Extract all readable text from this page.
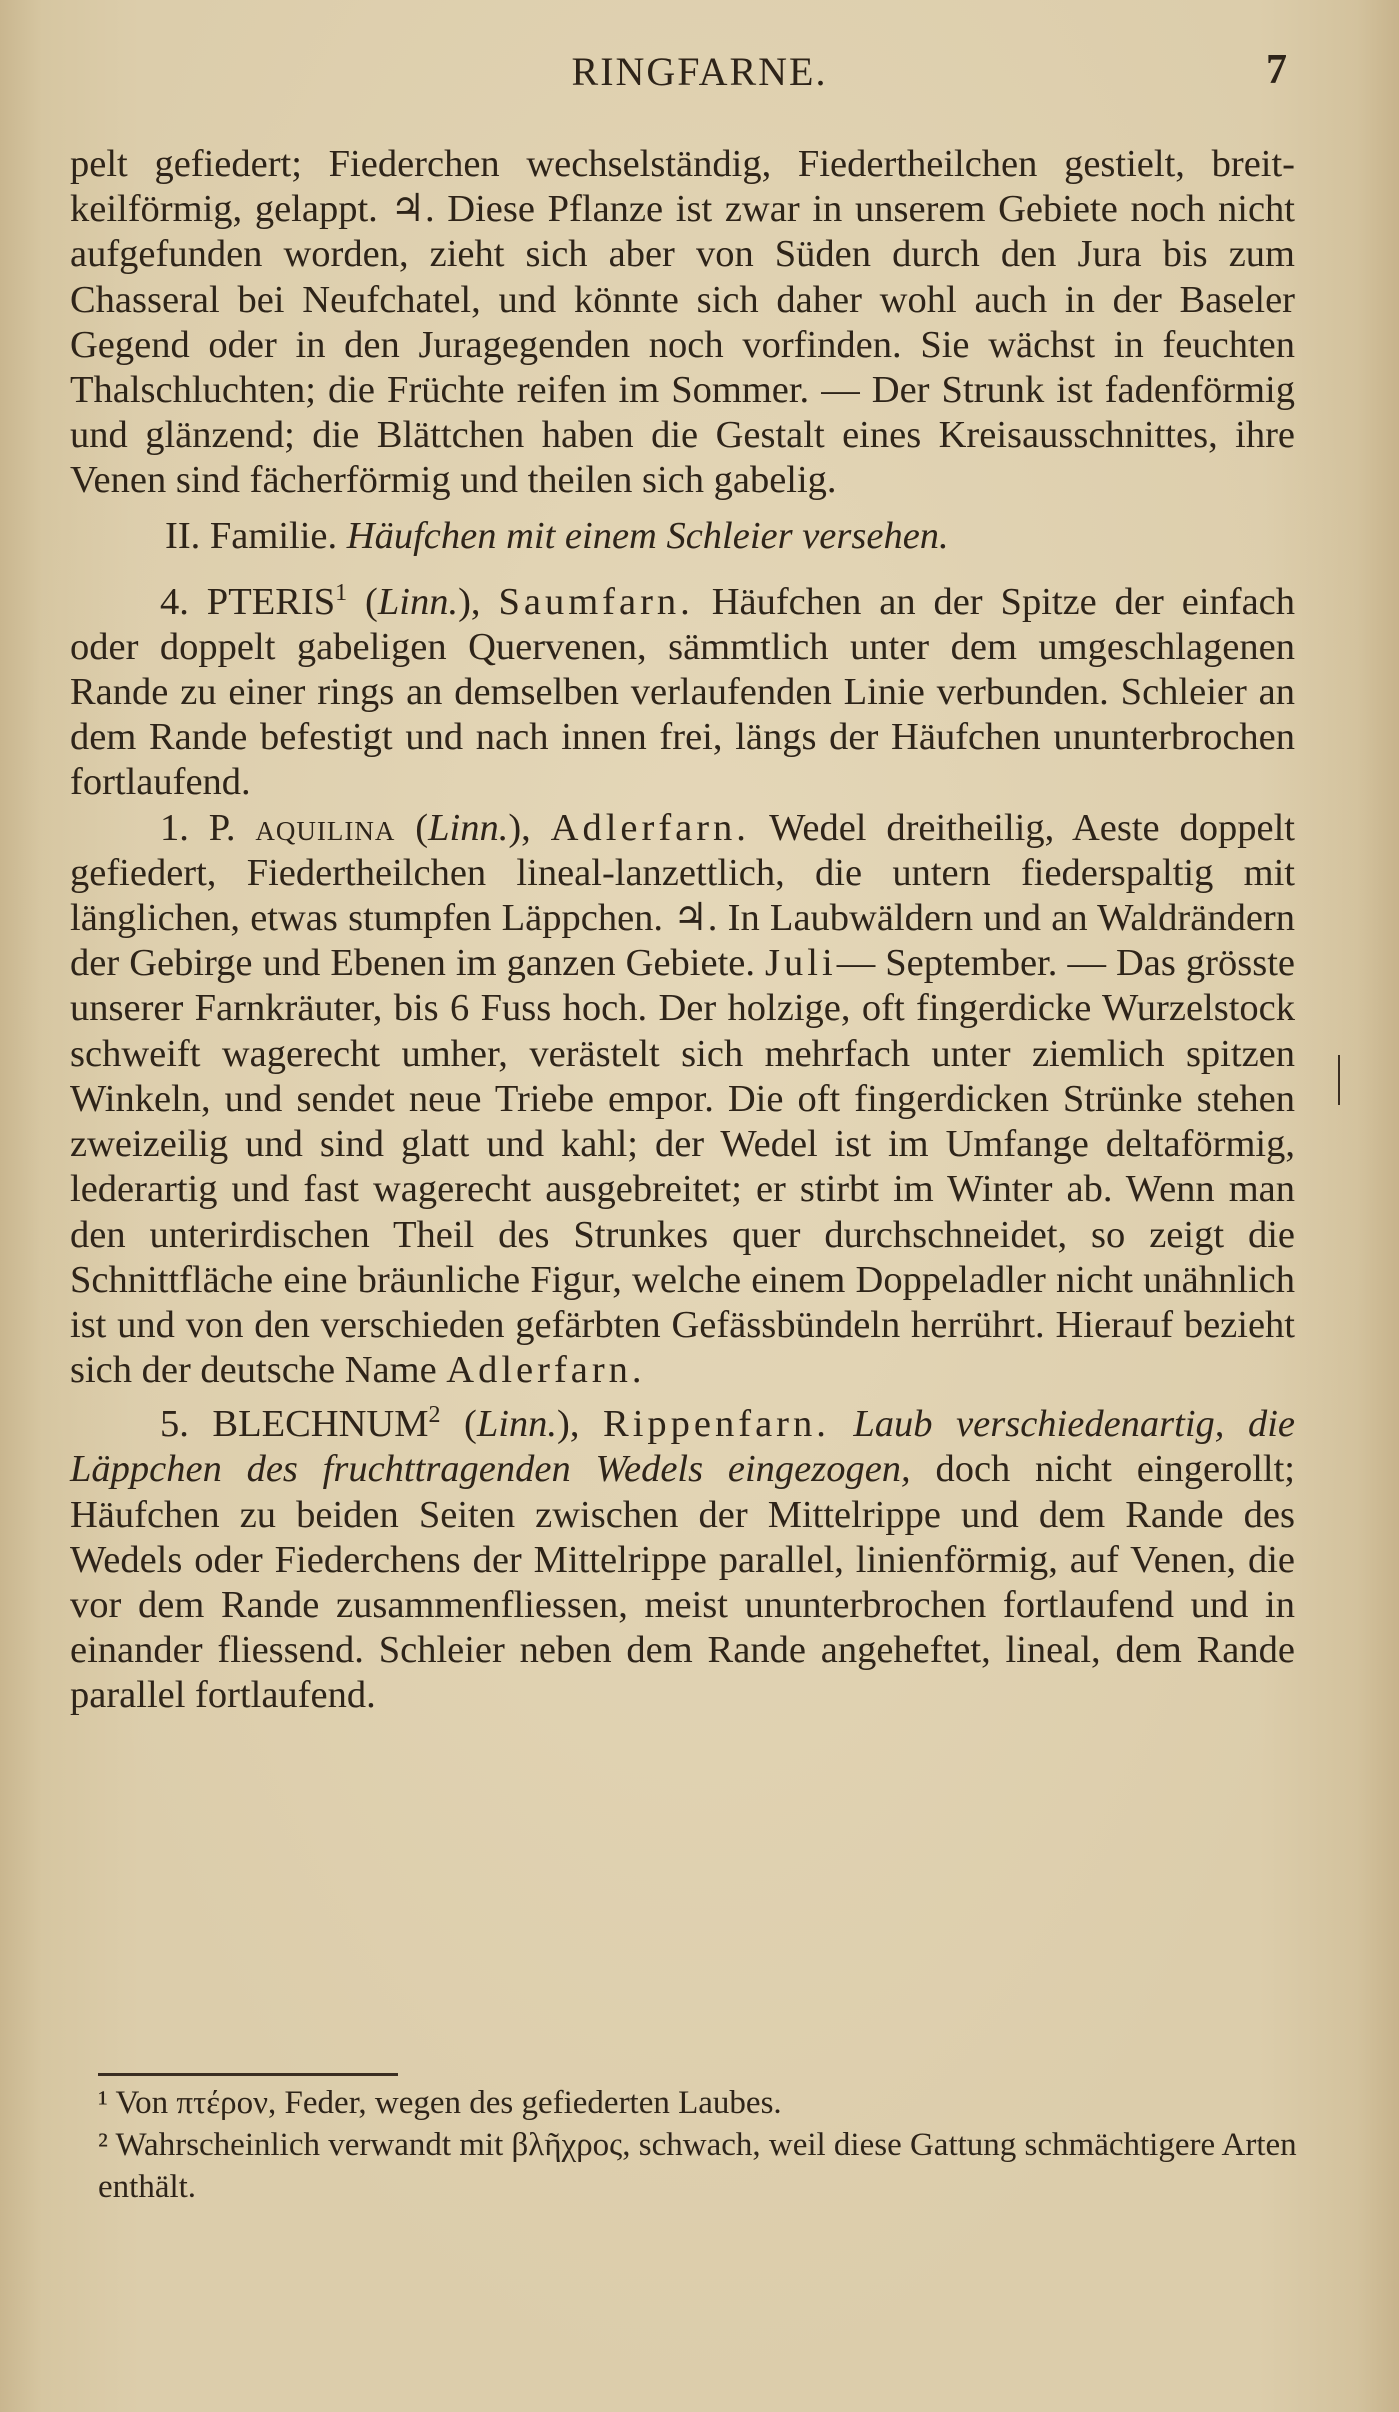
RINGFARNE.	7

pelt gefiedert; Fiederchen wechselständig, Fiedertheilchen gestielt, breit-keilförmig, gelappt. ♃. Diese Pflanze ist zwar in unserem Gebiete noch nicht aufgefunden worden, zieht sich aber von Süden durch den Jura bis zum Chasseral bei Neufchatel, und könnte sich daher wohl auch in der Baseler Gegend oder in den Juragegenden noch vorfinden. Sie wächst in feuchten Thalschluchten; die Früchte reifen im Sommer. — Der Strunk ist fadenförmig und glänzend; die Blättchen haben die Gestalt eines Kreisausschnittes, ihre Venen sind fächerförmig und theilen sich gabelig.

II. Familie. Häufchen mit einem Schleier versehen.

4. PTERIS$^1$ (Linn.), Saumfarn. Häufchen an der Spitze der einfach oder doppelt gabeligen Quervenen, sämmtlich unter dem umgeschlagenen Rande zu einer rings an demselben verlaufenden Linie verbunden. Schleier an dem Rande befestigt und nach innen frei, längs der Häufchen ununterbrochen fortlaufend.

1. P. aquilina (Linn.), Adlerfarn. Wedel dreitheilig, Aeste doppelt gefiedert, Fiedertheilchen lineal-lanzettlich, die untern fiederspaltig mit länglichen, etwas stumpfen Läppchen. ♃. In Laubwäldern und an Waldrändern der Gebirge und Ebenen im ganzen Gebiete. Juli— September. — Das grösste unserer Farnkräuter, bis 6 Fuss hoch. Der holzige, oft fingerdicke Wurzelstock schweift wagerecht umher, verästelt sich mehrfach unter ziemlich spitzen Winkeln, und sendet neue Triebe empor. Die oft fingerdicken Strünke stehen zweizeilig und sind glatt und kahl; der Wedel ist im Umfange deltaförmig, lederartig und fast wagerecht ausgebreitet; er stirbt im Winter ab. Wenn man den unterirdischen Theil des Strunkes quer durchschneidet, so zeigt die Schnittfläche eine bräunliche Figur, welche einem Doppeladler nicht unähnlich ist und von den verschieden gefärbten Gefässbündeln herrührt. Hierauf bezieht sich der deutsche Name Adlerfarn.

5. BLECHNUM$^2$ (Linn.), Rippenfarn. Laub verschiedenartig, die Läppchen des fruchttragenden Wedels eingezogen, doch nicht eingerollt; Häufchen zu beiden Seiten zwischen der Mittelrippe und dem Rande des Wedels oder Fiederchens der Mittelrippe parallel, linienförmig, auf Venen, die vor dem Rande zusammenfliessen, meist ununterbrochen fortlaufend und in einander fliessend. Schleier neben dem Rande angeheftet, lineal, dem Rande parallel fortlaufend.

¹ Von πτέρον, Feder, wegen des gefiederten Laubes.

² Wahrscheinlich verwandt mit βλῆχρος, schwach, weil diese Gattung schmächtigere Arten enthält.
